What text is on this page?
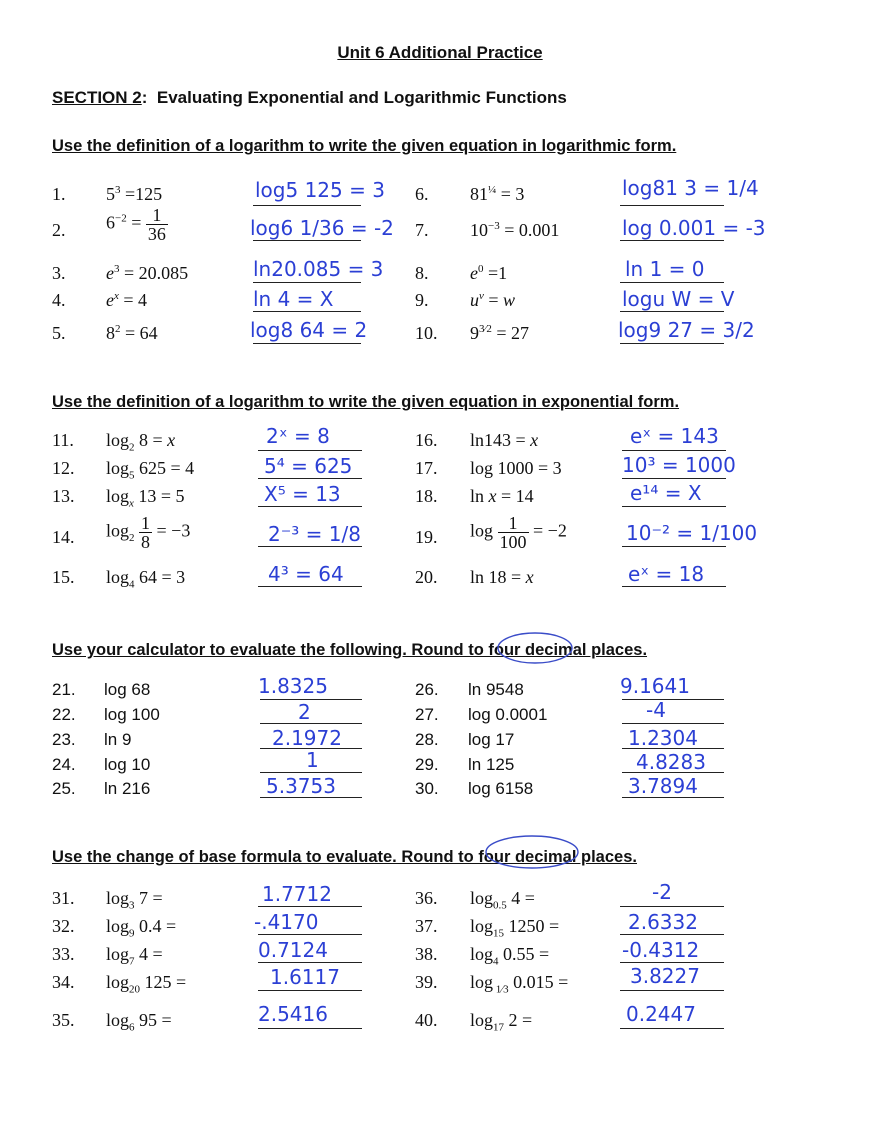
Unit 6 Additional Practice
SECTION 2: Evaluating Exponential and Logarithmic Functions
Use the definition of a logarithm to write the given equation in logarithmic form.
Use the definition of a logarithm to write the given equation in exponential form.
Use your calculator to evaluate the following. Round to four decimal places.
Use the change of base formula to evaluate. Round to four decimal places.
1.
2.
3.
4.
5.
6.
7.
8.
9.
10.
$5^3 =125$
$6^{-2} = \frac{1}{36}$
$e^3 = 20.085$
$e^x = 4$
$8^2 = 64$
$81^{\frac{1}{4}} = 3$
$10^{-3} = 0.001$
$e^0 =1$
$u^v = w$
$9^{3⁄2} = 27$
log5 125 = 3
log6 1/36 = -2
ln20.085 = 3
ln 4 = X
log8 64 = 2
log81 3 = 1/4
log 0.001 = -3
ln 1 = 0
logu W = V
log9 27 = 3/2
11.
12.
13.
14.
15.
16.
17.
18.
19.
20.
$\log_2 8 = x$
$\log_5 625 = 4$
$\log_x 13 = 5$
$\log_2 \frac{1}{8} = -3$
$\log_4 64 = 3$
ln143 = x
log 1000 = 3
ln x = 14
$\log \frac{1}{100} = -2$
ln 18 = x
2ˣ = 8
5⁴ = 625
X⁵ = 13
2⁻³ = 1/8
4³ = 64
eˣ = 143
10³ = 1000
e¹⁴ = X
10⁻² = 1/100
eˣ = 18
21.
22.
23.
24.
25.
26.
27.
28.
29.
30.
log 68
log 100
ln 9
log 10
ln 216
ln 9548
log 0.0001
log 17
ln 125
log 6158
1.8325
2
2.1972
1
5.3753
9.1641
-4
1.2304
4.8283
3.7894
31.
32.
33.
34.
35.
36.
37.
38.
39.
40.
$\log_3 7$ =
$\log_9 0.4$ =
$\log_7 4$ =
$\log_{20} 125$ =
$\log_6 95$ =
$\log_{0.5} 4$ =
$\log_{15} 1250$ =
$\log_4 0.55$ =
log $_{1⁄3}$ 0.015 =
$\log_{17} 2$ =
1.7712
-.4170
0.7124
1.6117
2.5416
-2
2.6332
-0.4312
3.8227
0.2447
